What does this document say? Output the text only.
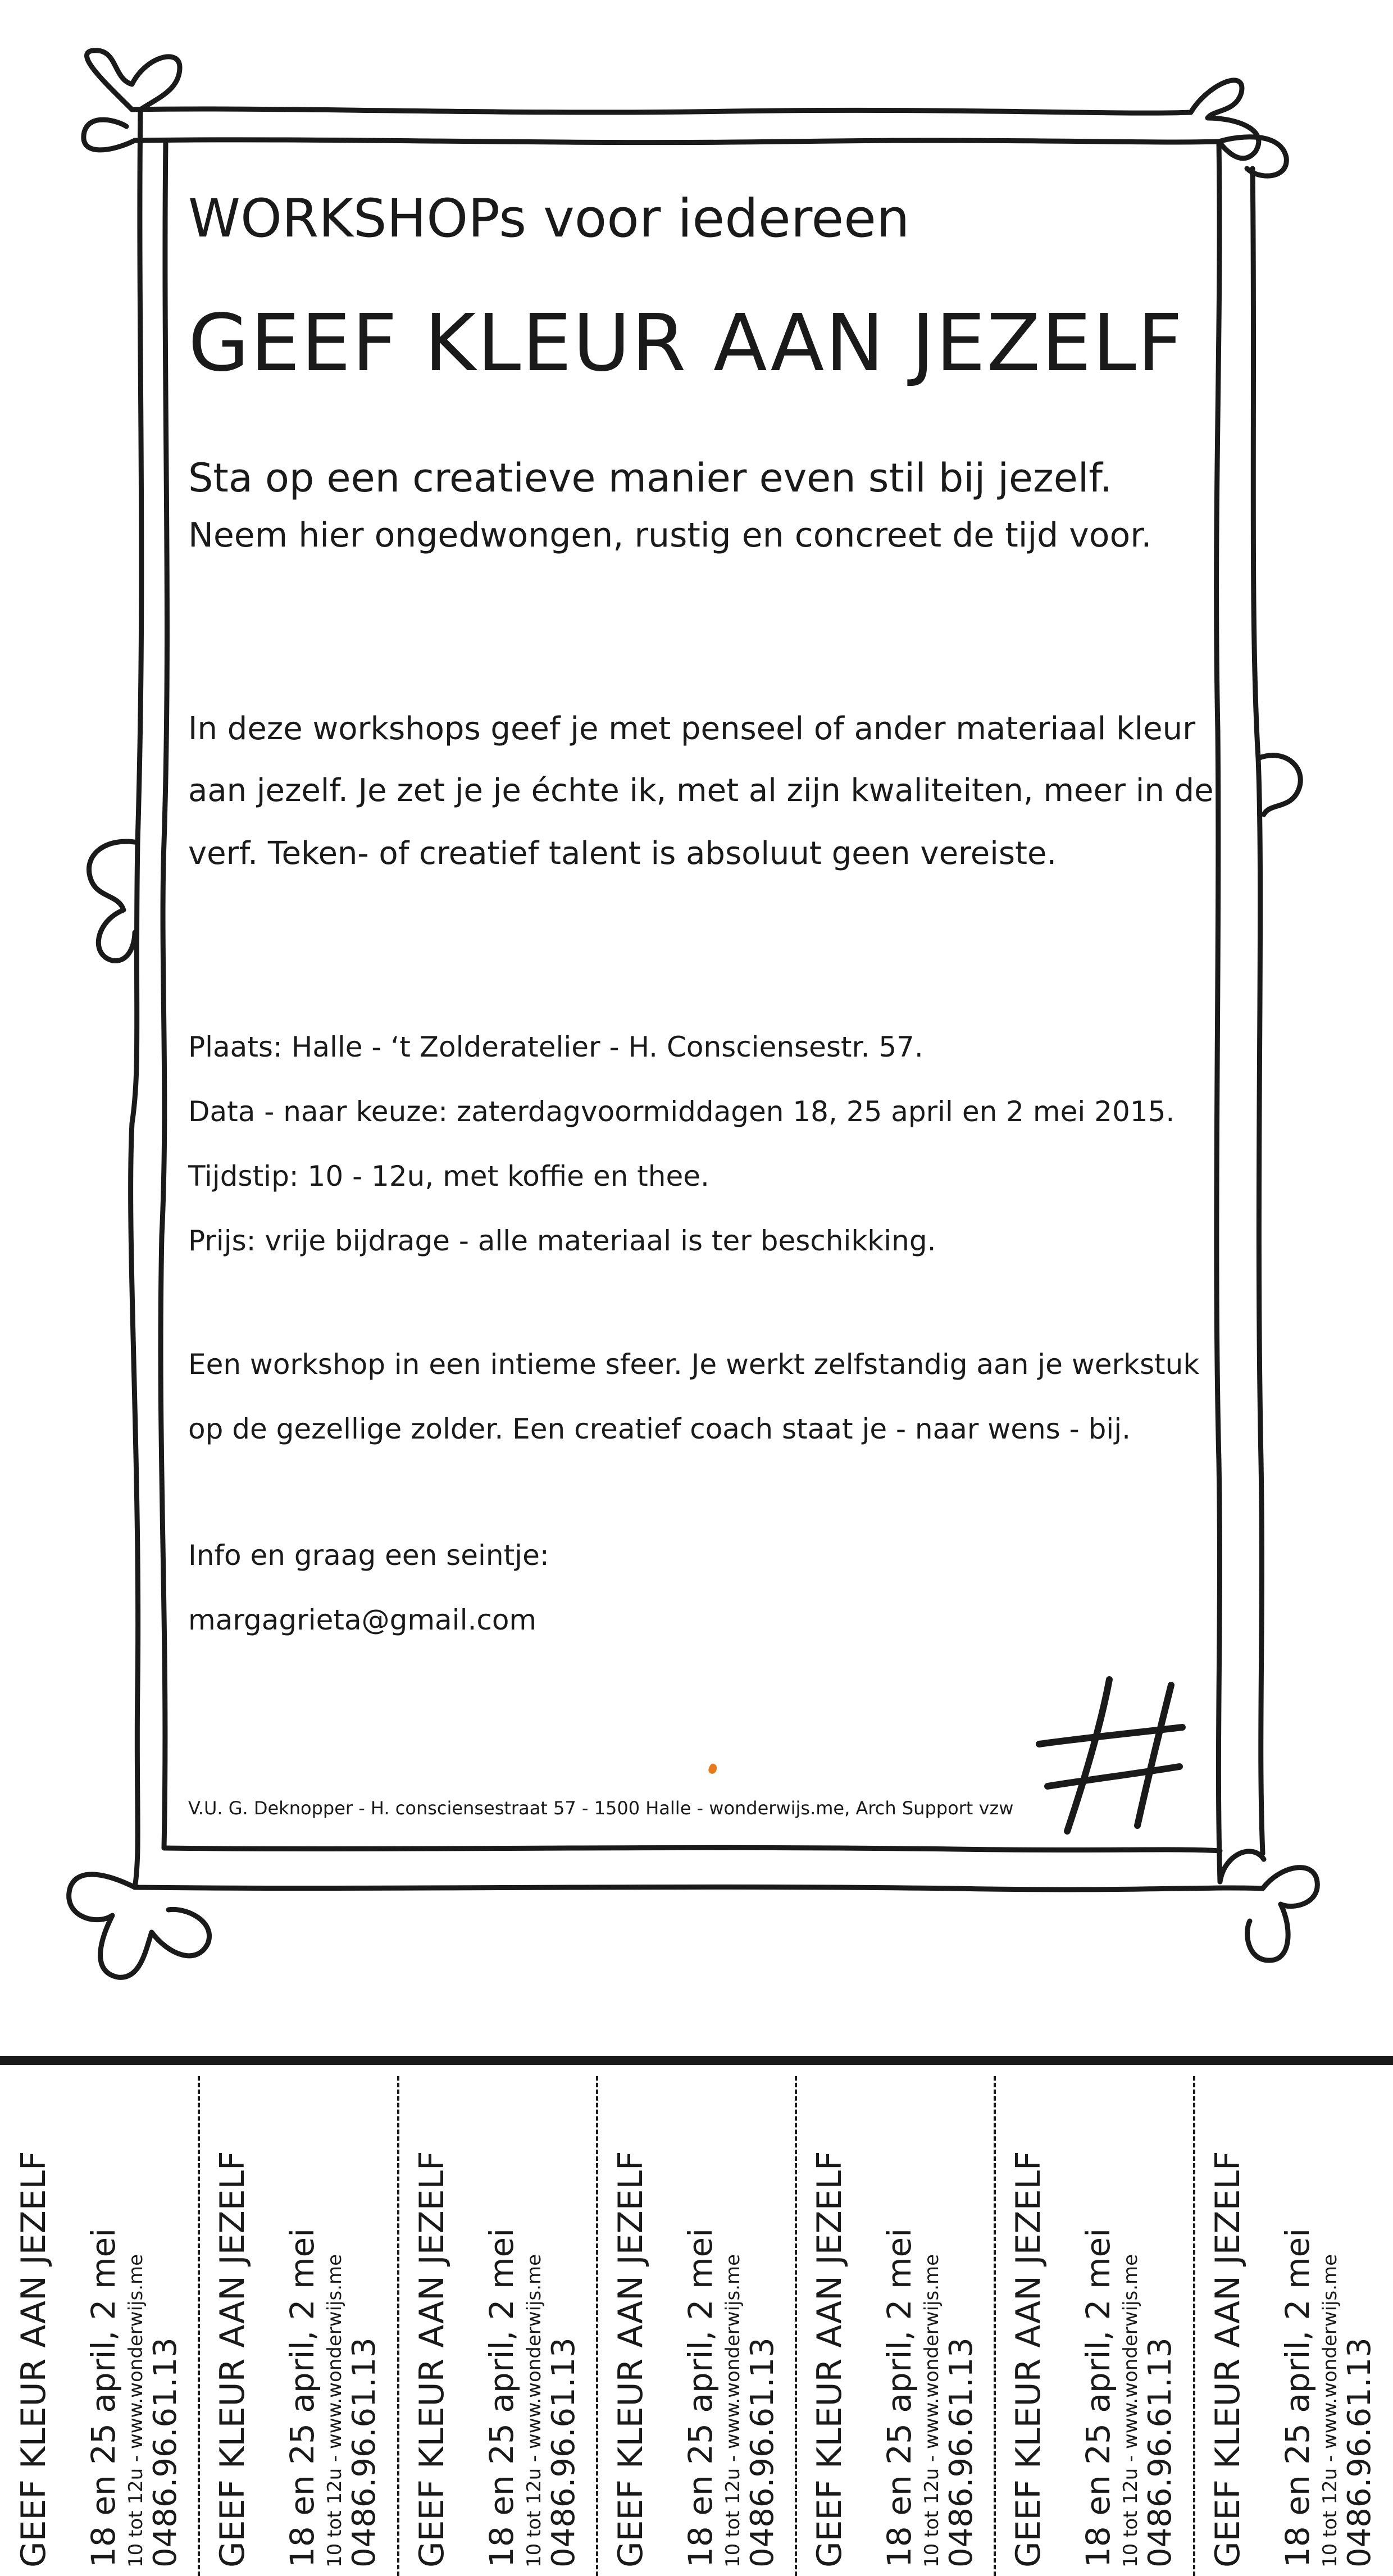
WORKSHOPs voor iedereen
GEEF KLEUR AAN JEZELF

Sta op een creatieve manier even stil bij jezelf.

Neem hier ongedwongen, rustig en concreet de tijd voor.

In deze workshops geef je met penseel of ander materiaal kleur

aan jezelf. Je zet je je échte ik, met al zijn kwaliteiten, meer in de

verf. Teken- of creatief talent is absoluut geen vereiste.

Plaats: Halle - ‘t Zolderatelier - H. Consciensestr. 57.

Data - naar keuze: zaterdagvoormiddagen 18, 25 april en 2 mei 2015.

Tijdstip: 10 - 12u, met koffie en thee.

Prijs: vrije bijdrage - alle materiaal is ter beschikking.

Een workshop in een intieme sfeer. Je werkt zelfstandig aan je werkstuk

op de gezellige zolder. Een creatief coach staat je - naar wens - bij.

Info en graag een seintje:

margagrieta@gmail.com

V.U. G. Deknopper - H. consciensestraat 57 - 1500 Halle - wonderwijs.me, Arch Support vzw

GEEF KLEUR AAN JEZELF 18 en 25 april, 2 mei 10 tot 12u - www.wonderwijs.me 0486.96.61.13 GEEF KLEUR AAN JEZELF 18 en 25 april, 2 mei 10 tot 12u - www.wonderwijs.me 0486.96.61.13 GEEF KLEUR AAN JEZELF 18 en 25 april, 2 mei 10 tot 12u - www.wonderwijs.me 0486.96.61.13 GEEF KLEUR AAN JEZELF 18 en 25 april, 2 mei 10 tot 12u - www.wonderwijs.me 0486.96.61.13 GEEF KLEUR AAN JEZELF 18 en 25 april, 2 mei 10 tot 12u - www.wonderwijs.me 0486.96.61.13 GEEF KLEUR AAN JEZELF 18 en 25 april, 2 mei 10 tot 12u - www.wonderwijs.me 0486.96.61.13 GEEF KLEUR AAN JEZELF 18 en 25 april, 2 mei 10 tot 12u - www.wonderwijs.me 0486.96.61.13
